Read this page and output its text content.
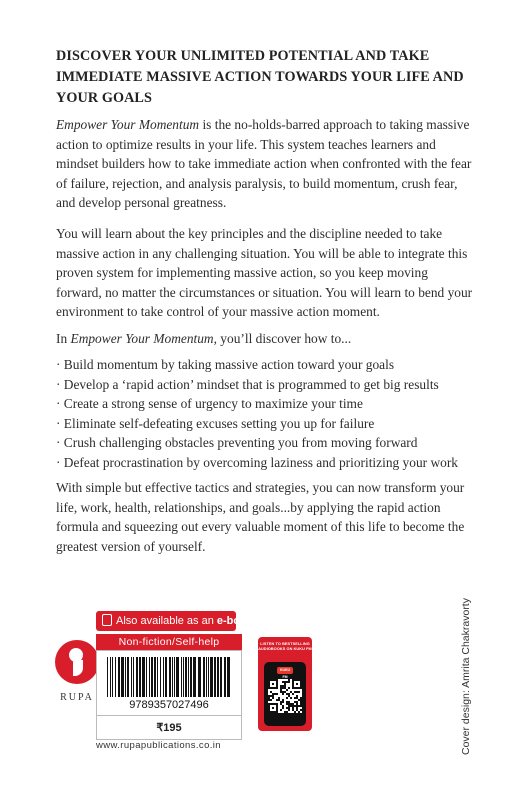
DISCOVER YOUR UNLIMITED POTENTIAL AND TAKE IMMEDIATE MASSIVE ACTION TOWARDS YOUR LIFE AND YOUR GOALS

Empower Your Momentum is the no-holds-barred approach to taking massive action to optimize results in your life. This system teaches learners and mindset builders how to take immediate action when confronted with the fear of failure, rejection, and analysis paralysis, to build momentum, crush fear, and develop personal greatness.

You will learn about the key principles and the discipline needed to take massive action in any challenging situation. You will be able to integrate this proven system for implementing massive action, so you keep moving forward, no matter the circumstances or situation. You will learn to bend your environment to take control of your massive action moment.

In Empower Your Momentum, you’ll discover how to...

· Build momentum by taking massive action toward your goals
· Develop a ‘rapid action’ mindset that is programmed to get big results
· Create a strong sense of urgency to maximize your time
· Eliminate self-defeating excuses setting you up for failure
· Crush challenging obstacles preventing you from moving forward
· Defeat procrastination by overcoming laziness and prioritizing your work

With simple but effective tactics and strategies, you can now transform your life, work, health, relationships, and goals...by applying the rapid action formula and squeezing out every valuable moment of this life to become the greatest version of yourself.

RUPA
Also available as an e-book
Non-fiction/Self-help
9789357027496
₹195
www.rupapublications.co.in
LISTEN TO BESTSELLING AUDIOBOOKS ON KUKU FM
KUKU FM	Cover design: Amrita Chakravorty
